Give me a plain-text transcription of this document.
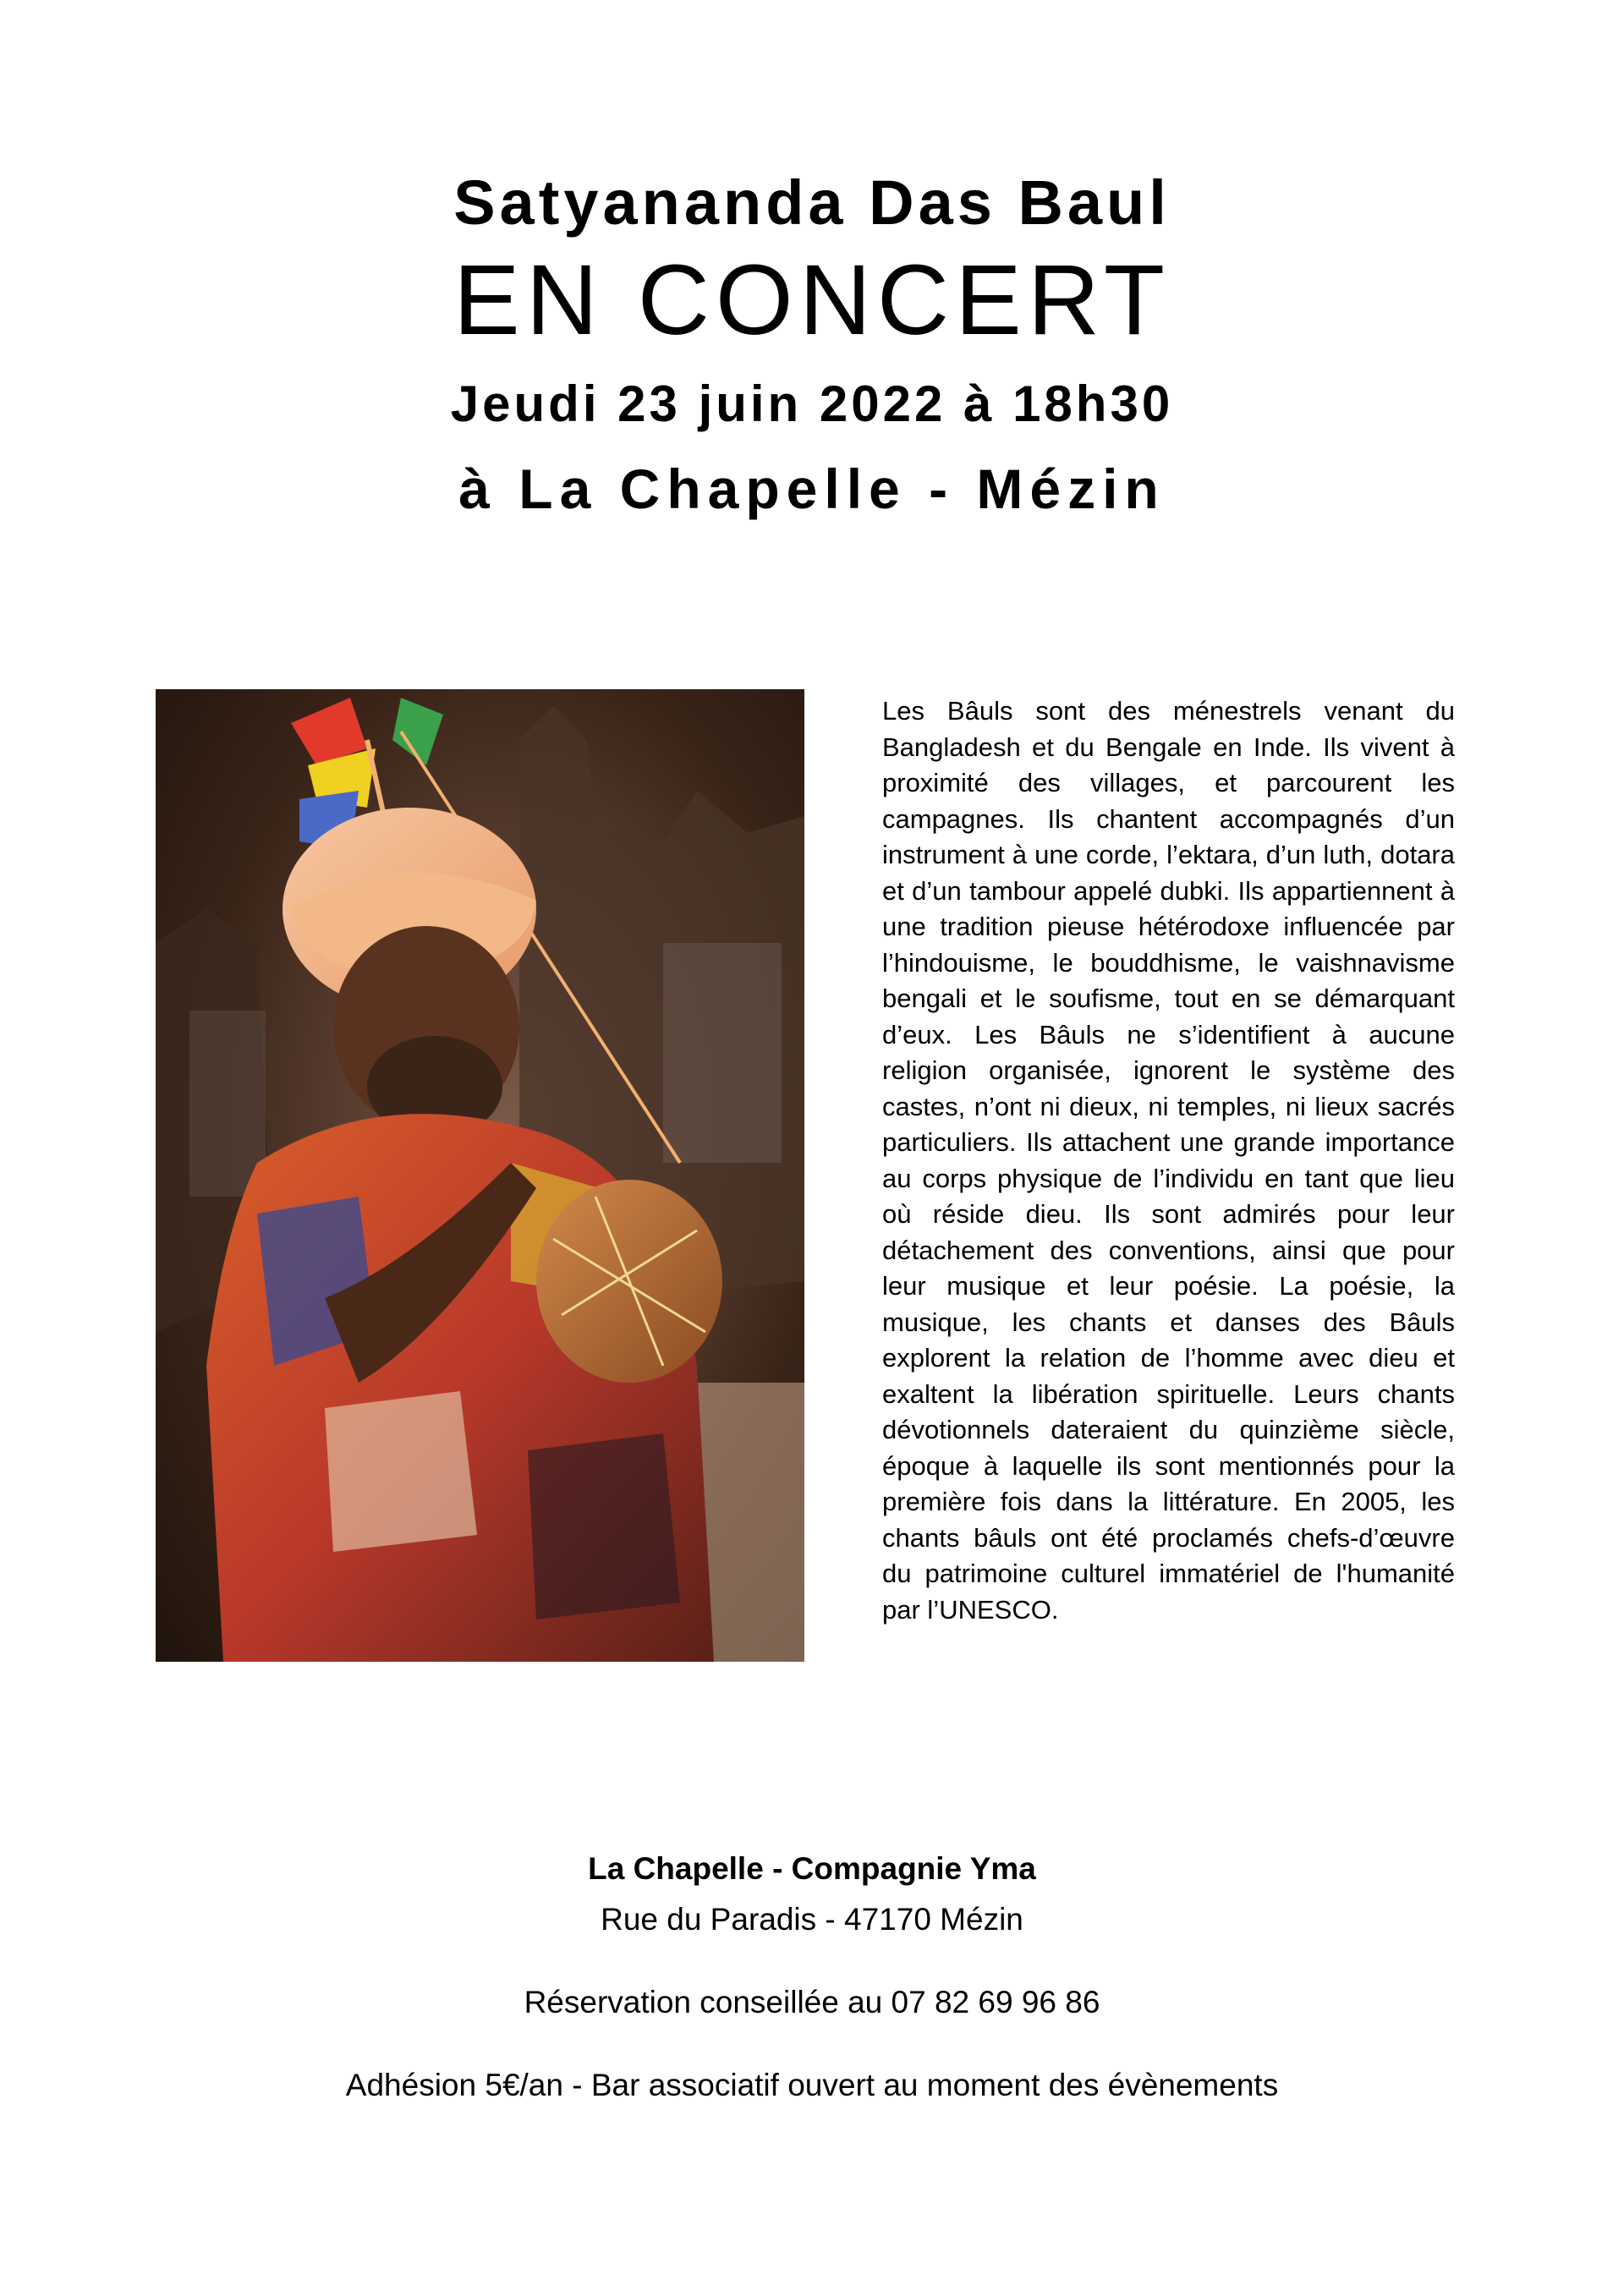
Satyananda Das Baul

EN CONCERT

Jeudi 23 juin 2022 à 18h30

à La Chapelle - Mézin

Les Bâuls sont des ménestrels venant du Bangladesh et du Bengale en Inde. Ils vivent à proximité des villages, et parcourent les campagnes. Ils chantent accompagnés d’un instrument à une corde, l’ektara, d’un luth, dotara et d’un tambour appelé dubki. Ils appartiennent à une tradition pieuse hétérodoxe influencée par l’hindouisme, le bouddhisme, le vaishnavisme bengali et le soufisme, tout en se démarquant d’eux. Les Bâuls ne s’identifient à aucune religion organisée, ignorent le système des castes, n’ont ni dieux, ni temples, ni lieux sacrés particuliers. Ils attachent une grande importance au corps physique de l’individu en tant que lieu où réside dieu. Ils sont admirés pour leur détachement des conventions, ainsi que pour leur musique et leur poésie. La poésie, la musique, les chants et danses des Bâuls explorent la relation de l’homme avec dieu et exaltent la libération spirituelle. Leurs chants dévotionnels dateraient du quinzième siècle, époque à laquelle ils sont mentionnés pour la première fois dans la littérature. En 2005, les chants bâuls ont été proclamés chefs-d’œuvre du patrimoine culturel immatériel de l'humanité par l’UNESCO.

La Chapelle - Compagnie Yma

Rue du Paradis - 47170 Mézin

Réservation conseillée au 07 82 69 96 86

Adhésion 5€/an - Bar associatif ouvert au moment des évènements
